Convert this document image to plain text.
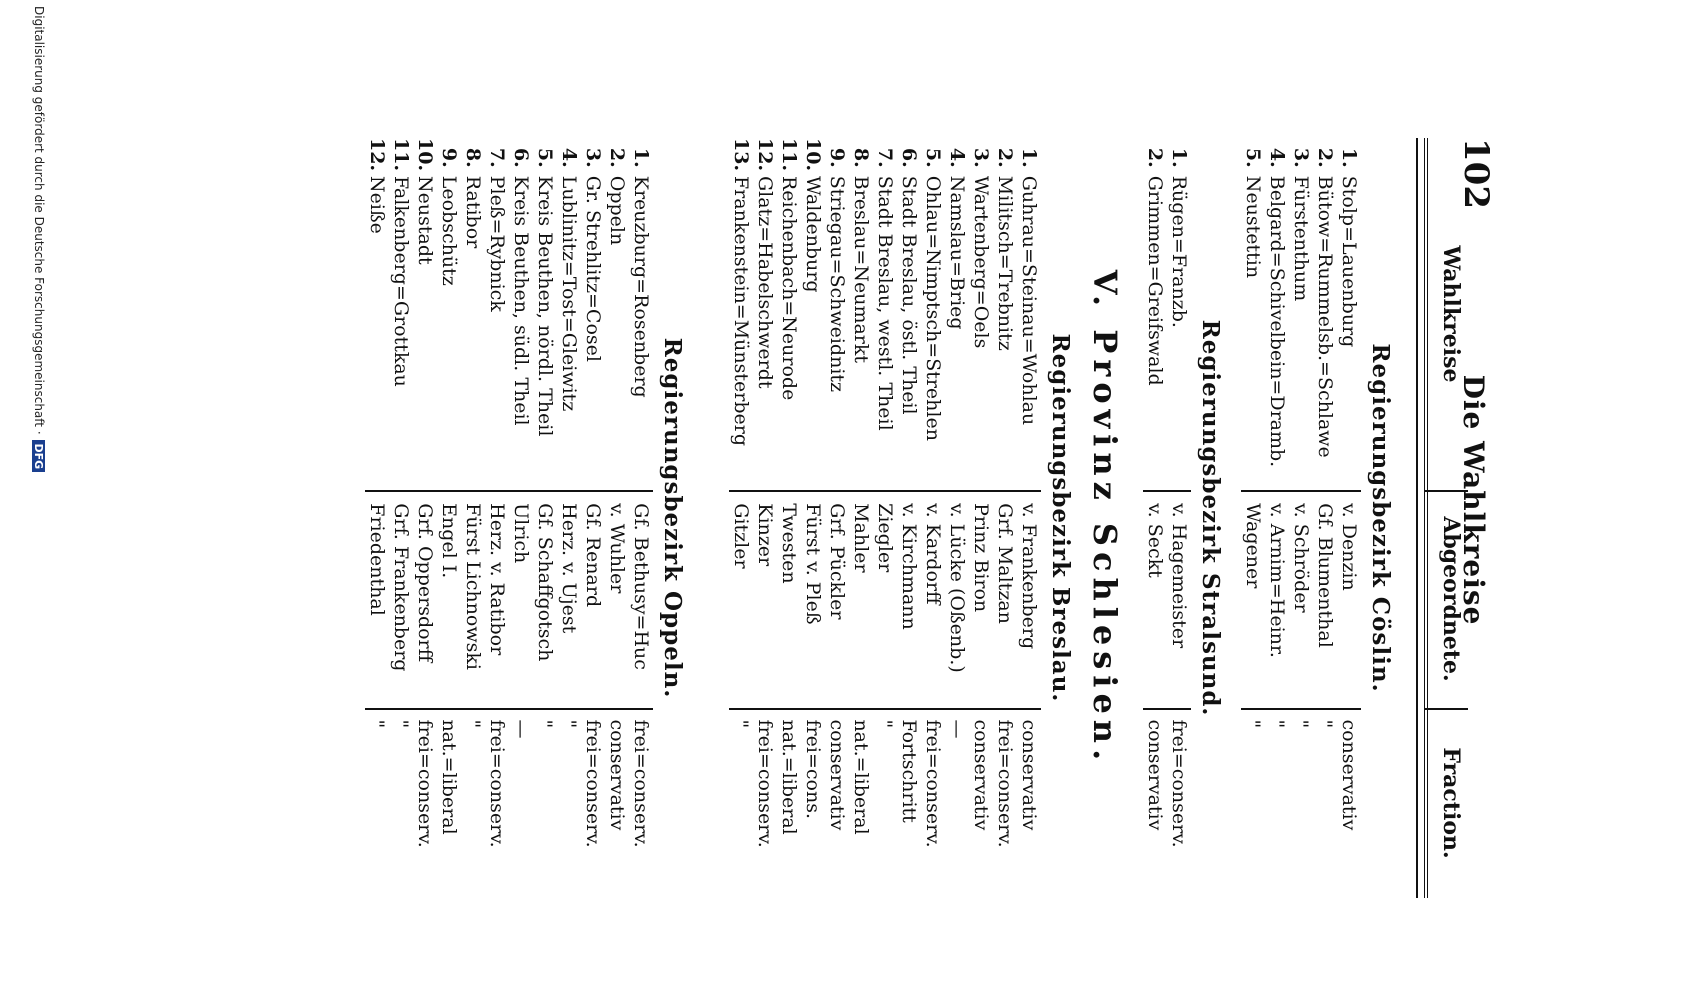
102
Die Wahlkreise
Wahlkreise
Abgeordnete.
Fraction.
Regierungsbezirk Cöslin.
1.
Stolp=Lauenburg
v. Denzin
conservativ
2.
Bütow=Rummelsb.=Schlawe
Gf. Blumenthal
"
3.
Fürstenthum
v. Schröder
"
4.
Belgard=Schivelbein=Dramb.
v. Arnim=Heinr.
"
5.
Neustettin
Wagener
"
Regierungsbezirk Stralsund.
1.
Rügen=Franzb.
v. Hagemeister
frei=conserv.
2.
Grimmen=Greifswald
v. Seckt
conservativ
V. Provinz Schlesien.
Regierungsbezirk Breslau.
1.
Guhrau=Steinau=Wohlau
v. Frankenberg
conservativ
2.
Militsch=Trebnitz
Grf. Maltzan
frei=conserv.
3.
Wartenberg=Oels
Prinz Biron
conservativ
4.
Namslau=Brieg
v. Lücke (Oßenb.)
—
5.
Ohlau=Nimptsch=Strehlen
v. Kardorff
frei=conserv.
6.
Stadt Breslau, östl. Theil
v. Kirchmann
Fortschritt
7.
Stadt Breslau, westl. Theil
Ziegler
"
8.
Breslau=Neumarkt
Mahler
nat.=liberal
9.
Striegau=Schweidnitz
Grf. Pückler
conservativ
10.
Waldenburg
Fürst v. Pleß
frei=cons.
11.
Reichenbach=Neurode
Twesten
nat.=liberal
12.
Glatz=Habelschwerdt
Kinzer
frei=conserv.
13.
Frankenstein=Münsterberg
Gitzler
"
Regierungsbezirk Oppeln.
1.
Kreuzburg=Rosenberg
Gf. Bethusy=Huc
frei=conserv.
2.
Oppeln
v. Wuhler
conservativ
3.
Gr. Strehlitz=Cosel
Gf. Renard
frei=conserv.
4.
Lublinitz=Tost=Gleiwitz
Herz. v. Ujest
"
5.
Kreis Beuthen, nördl. Theil
Gf. Schaffgotsch
"
6.
Kreis Beuthen, südl. Theil
Ulrich
—
7.
Pleß=Rybnick
Herz. v. Ratibor
frei=conserv.
8.
Ratibor
Fürst Lichnowski
"
9.
Leobschütz
Engel I.
nat.=liberal
10.
Neustadt
Grf. Oppersdorff
frei=conserv.
11.
Falkenberg=Grottkau
Grf. Frankenberg
"
12.
Neiße
Friedenthal
"
Digitalisierung gefördert durch die Deutsche Forschungsgemeinschaft · DFG
